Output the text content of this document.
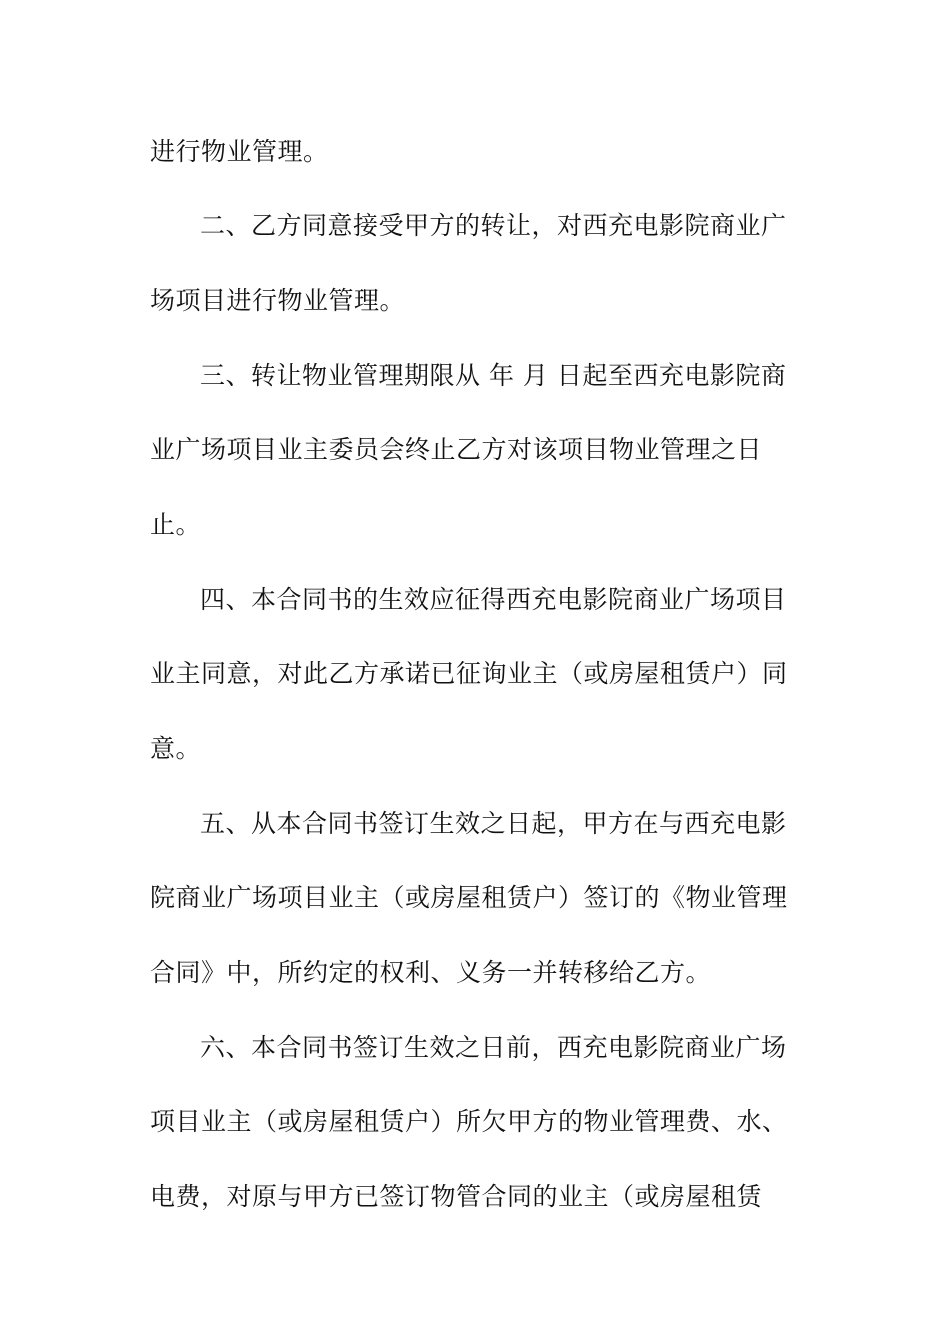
进行物业管理。
二、乙方同意接受甲方的转让，对西充电影院商业广
场项目进行物业管理。
三、转让物业管理期限从 年 月 日起至西充电影院商
业广场项目业主委员会终止乙方对该项目物业管理之日
止。
四、本合同书的生效应征得西充电影院商业广场项目
业主同意，对此乙方承诺已征询业主（或房屋租赁户）同
意。
五、从本合同书签订生效之日起，甲方在与西充电影
院商业广场项目业主（或房屋租赁户）签订的《物业管理
合同》中，所约定的权利、义务一并转移给乙方。
六、本合同书签订生效之日前，西充电影院商业广场
项目业主（或房屋租赁户）所欠甲方的物业管理费、水、
电费，对原与甲方已签订物管合同的业主（或房屋租赁
